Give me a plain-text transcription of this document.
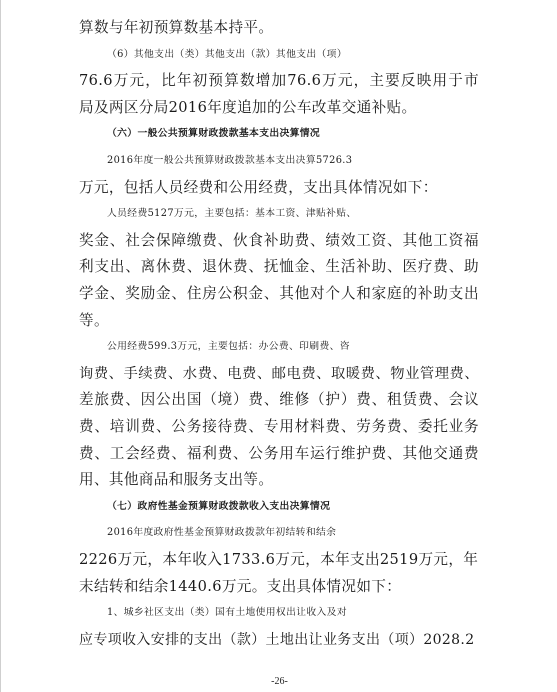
算数与年初预算数基本持平。
（6）其他支出（类）其他支出（款）其他支出（项）
76.6万元，比年初预算数增加76.6万元，主要反映用于市
局及两区分局2016年度追加的公车改革交通补贴。
（六）一般公共预算财政拨款基本支出决算情况
2016年度一般公共预算财政拨款基本支出决算5726.3
万元，包括人员经费和公用经费，支出具体情况如下：
人员经费5127万元，主要包括：基本工资、津贴补贴、
奖金、社会保障缴费、伙食补助费、绩效工资、其他工资福
利支出、离休费、退休费、抚恤金、生活补助、医疗费、助
学金、奖励金、住房公积金、其他对个人和家庭的补助支出
等。
公用经费599.3万元，主要包括：办公费、印刷费、咨
询费、手续费、水费、电费、邮电费、取暖费、物业管理费、
差旅费、因公出国（境）费、维修（护）费、租赁费、会议
费、培训费、公务接待费、专用材料费、劳务费、委托业务
费、工会经费、福利费、公务用车运行维护费、其他交通费
用、其他商品和服务支出等。
（七）政府性基金预算财政拨款收入支出决算情况
2016年度政府性基金预算财政拨款年初结转和结余
2226万元，本年收入1733.6万元，本年支出2519万元，年
末结转和结余1440.6万元。支出具体情况如下：
1、城乡社区支出（类）国有土地使用权出让收入及对
应专项收入安排的支出（款）土地出让业务支出（项）2028.2
-26-
